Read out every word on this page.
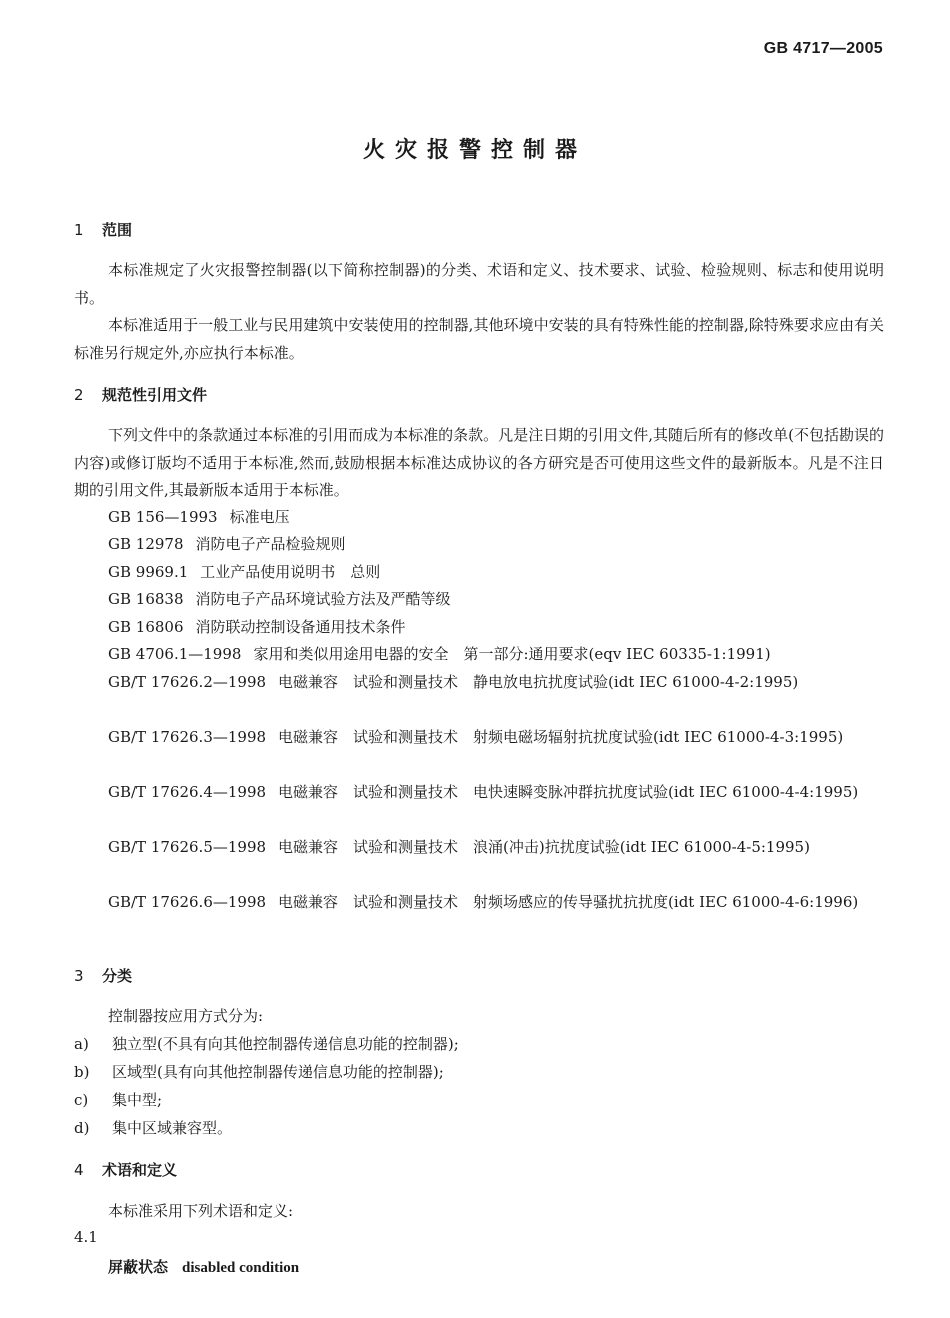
GB 4717—2005
火灾报警控制器
1 范围
本标准规定了火灾报警控制器(以下简称控制器)的分类、术语和定义、技术要求、试验、检验规则、标志和使用说明书。
本标准适用于一般工业与民用建筑中安装使用的控制器,其他环境中安装的具有特殊性能的控制器,除特殊要求应由有关标准另行规定外,亦应执行本标准。
2 规范性引用文件
下列文件中的条款通过本标准的引用而成为本标准的条款。凡是注日期的引用文件,其随后所有的修改单(不包括勘误的内容)或修订版均不适用于本标准,然而,鼓励根据本标准达成协议的各方研究是否可使用这些文件的最新版本。凡是不注日期的引用文件,其最新版本适用于本标准。
GB 156—1993 标准电压
GB 12978 消防电子产品检验规则
GB 9969.1 工业产品使用说明书　总则
GB 16838 消防电子产品环境试验方法及严酷等级
GB 16806 消防联动控制设备通用技术条件
GB 4706.1—1998 家用和类似用途用电器的安全　第一部分:通用要求(eqv IEC 60335-1:1991)
GB/T 17626.2—1998 电磁兼容　试验和测量技术　静电放电抗扰度试验(idt IEC 61000-4-2:1995)
GB/T 17626.3—1998 电磁兼容　试验和测量技术　射频电磁场辐射抗扰度试验(idt IEC 61000-4-3:1995)
GB/T 17626.4—1998 电磁兼容　试验和测量技术　电快速瞬变脉冲群抗扰度试验(idt IEC 61000-4-4:1995)
GB/T 17626.5—1998 电磁兼容　试验和测量技术　浪涌(冲击)抗扰度试验(idt IEC 61000-4-5:1995)
GB/T 17626.6—1998 电磁兼容　试验和测量技术　射频场感应的传导骚扰抗扰度(idt IEC 61000-4-6:1996)
3 分类
控制器按应用方式分为:
a) 独立型(不具有向其他控制器传递信息功能的控制器);
b) 区域型(具有向其他控制器传递信息功能的控制器);
c) 集中型;
d) 集中区域兼容型。
4 术语和定义
本标准采用下列术语和定义:
4.1
屏蔽状态 disabled condition
